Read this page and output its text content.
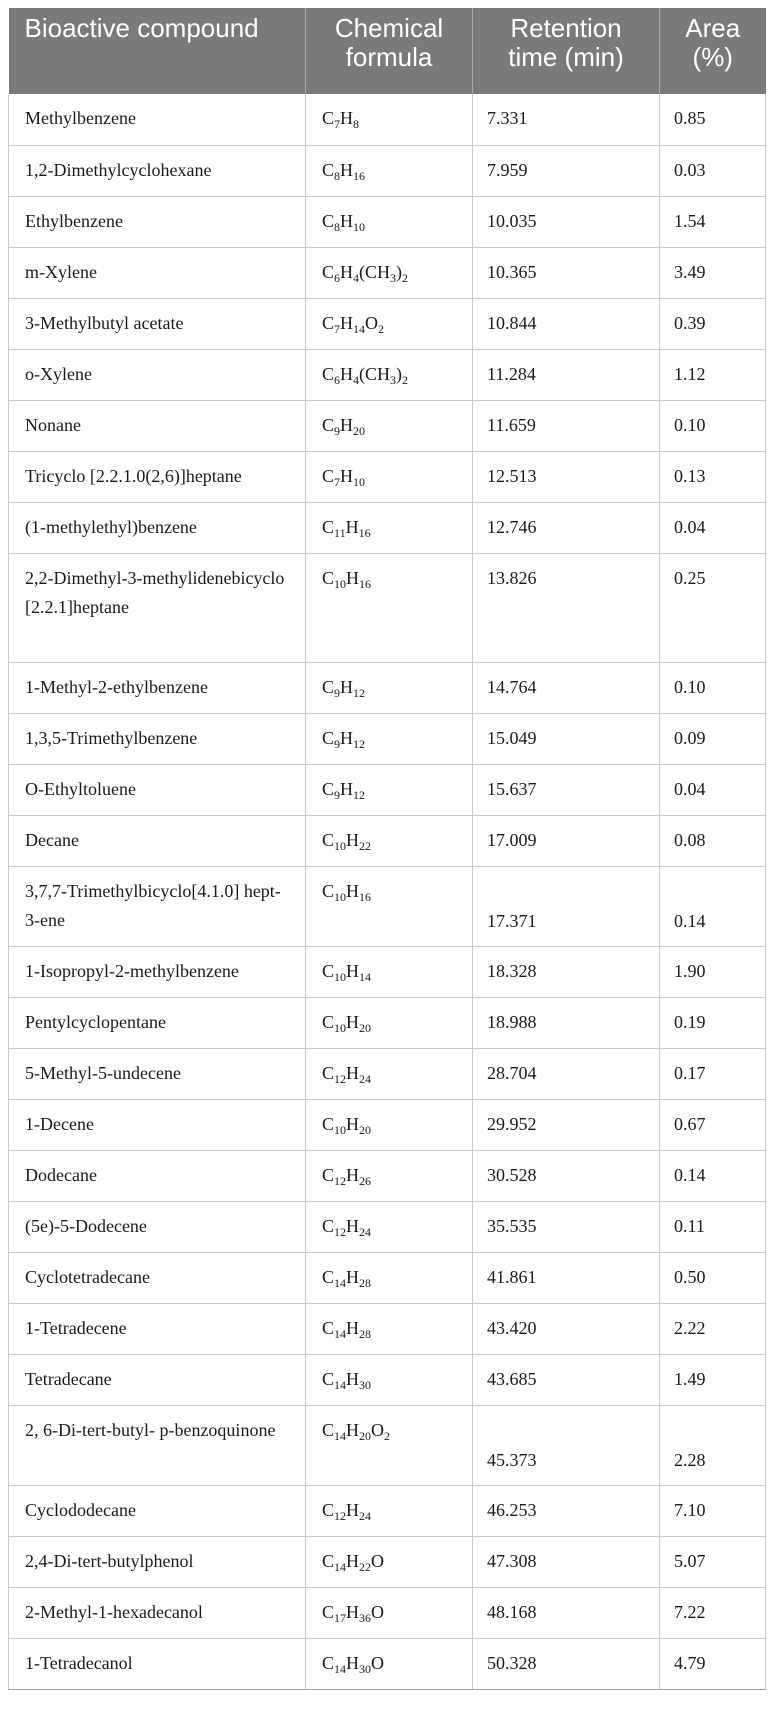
Bioactive compound	Chemical formula	Retention time (min)	Area (%)
Methylbenzene	$C_7H_8$	7.331	0.85
1,2-Dimethylcyclohexane	$C_8H_{16}$	7.959	0.03
Ethylbenzene	$C_8H_{10}$	10.035	1.54
m-Xylene	$C_6H_4(CH_3)_2$	10.365	3.49
3-Methylbutyl acetate	$C_7H_{14}O_2$	10.844	0.39
o-Xylene	$C_6H_4(CH_3)_2$	11.284	1.12
Nonane	$C_9H_{20}$	11.659	0.10
Tricyclo [2.2.1.0(2,6)]heptane	$C_7H_{10}$	12.513	0.13
(1-methylethyl)benzene	$C_{11}H_{16}$	12.746	0.04
2,2-Dimethyl-3-methylidenebicyclo [2.2.1]heptane	$C_{10}H_{16}$	13.826	0.25
1-Methyl-2-ethylbenzene	$C_9H_{12}$	14.764	0.10
1,3,5-Trimethylbenzene	$C_9H_{12}$	15.049	0.09
O-Ethyltoluene	$C_9H_{12}$	15.637	0.04
Decane	$C_{10}H_{22}$	17.009	0.08
3,7,7-Trimethylbicyclo[4.1.0] hept-3-ene	$C_{10}H_{16}$	17.371	0.14
1-Isopropyl-2-methylbenzene	$C_{10}H_{14}$	18.328	1.90
Pentylcyclopentane	$C_{10}H_{20}$	18.988	0.19
5-Methyl-5-undecene	$C_{12}H_{24}$	28.704	0.17
1-Decene	$C_{10}H_{20}$	29.952	0.67
Dodecane	$C_{12}H_{26}$	30.528	0.14
(5e)-5-Dodecene	$C_{12}H_{24}$	35.535	0.11
Cyclotetradecane	$C_{14}H_{28}$	41.861	0.50
1-Tetradecene	$C_{14}H_{28}$	43.420	2.22
Tetradecane	$C_{14}H_{30}$	43.685	1.49
2, 6-Di-tert-butyl- p-benzoquinone	$C_{14}H_{20}O_2$	45.373	2.28
Cyclododecane	$C_{12}H_{24}$	46.253	7.10
2,4-Di-tert-butylphenol	$C_{14}H_{22}O$	47.308	5.07
2-Methyl-1-hexadecanol	$C_{17}H_{36}O$	48.168	7.22
1-Tetradecanol	$C_{14}H_{30}O$	50.328	4.79
